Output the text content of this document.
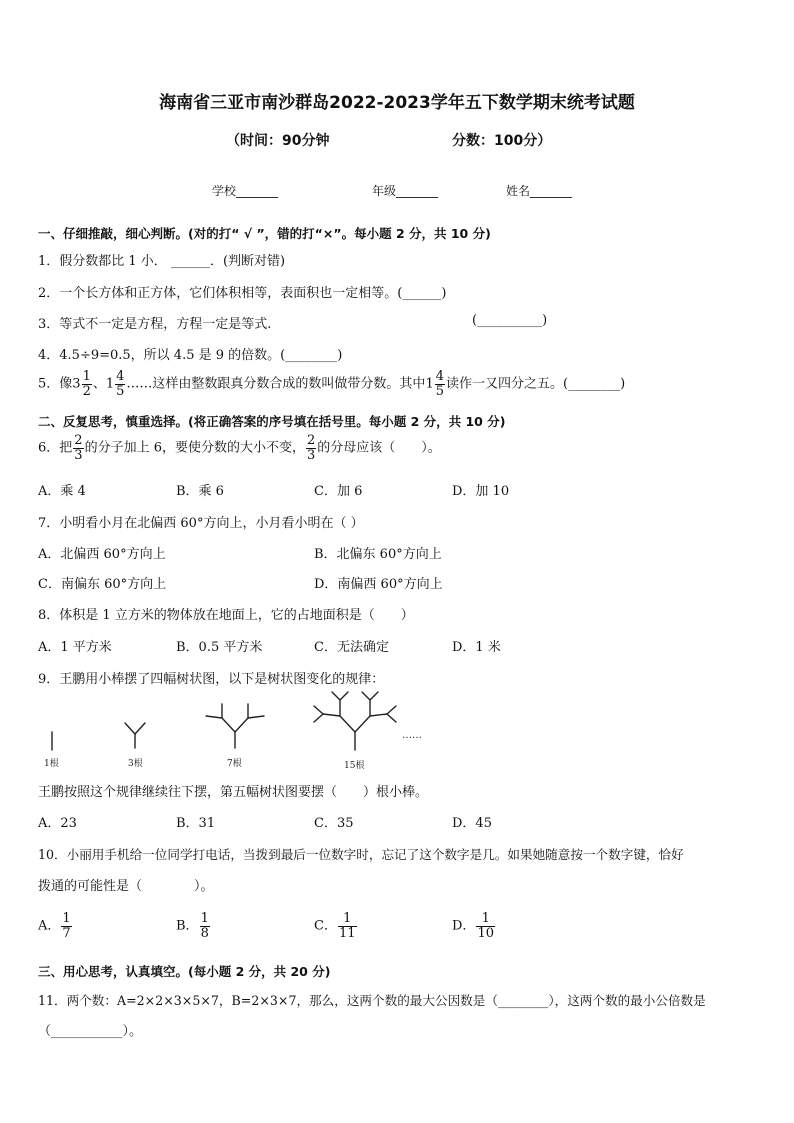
海南省三亚市南沙群岛2022-2023学年五下数学期末统考试题
（时间：90分钟	分数：100分）
学校_______	年级_______	姓名_______
一、仔细推敲，细心判断。(对的打“ √ ”，错的打“×”。每小题 2 分，共 10 分)
1．假分数都比 1 小． ______．(判断对错)
2．一个长方体和正方体，它们体积相等，表面积也一定相等。(______)
3．等式不一定是方程，方程一定是等式.	(__________)
4．4.5÷9=0.5，所以 4.5 是 9 的倍数。(________)
5．像$3 \frac{1}{2}$ 、$1 \frac{4}{5}$ ……这样由整数跟真分数合成的数叫做带分数。其中$1 \frac{4}{5}$ 读作一又四分之五。(________)
二、反复思考，慎重选择。(将正确答案的序号填在括号里。每小题 2 分，共 10 分)
6．把 $\frac{2}{3}$ 的分子加上 6，要使分数的大小不变， $\frac{2}{3}$ 的分母应该（　　）。
A．乘 4	B．乘 6	C．加 6	D．加 10
7．小明看小月在北偏西 60°方向上，小月看小明在（ ）
A．北偏西 60°方向上	B．北偏东 60°方向上
C．南偏东 60°方向上	D．南偏西 60°方向上
8．体积是 1 立方米的物体放在地面上，它的占地面积是（　　）
A．1 平方米	B．0.5 平方米	C．无法确定	D．1 米
9．王鹏用小棒摆了四幅树状图，以下是树状图变化的规律：
……
1根	3根	7根	15根
王鹏按照这个规律继续往下摆，第五幅树状图要摆（　　）根小棒。
A．23	B．31	C．35	D．45
10．小丽用手机给一位同学打电话，当拨到最后一位数字时，忘记了这个数字是几。如果她随意按一个数字键，恰好
拨通的可能性是（　　　　）。
A． $\frac{1}{7}$	B． $\frac{1}{8}$	C． $\frac{1}{11}$	D． $\frac{1}{10}$
三、用心思考，认真填空。(每小题 2 分，共 20 分)
11．两个数：A=2×2×3×5×7，B=2×3×7，那么，这两个数的最大公因数是（________），这两个数的最小公倍数是
（___________）。
